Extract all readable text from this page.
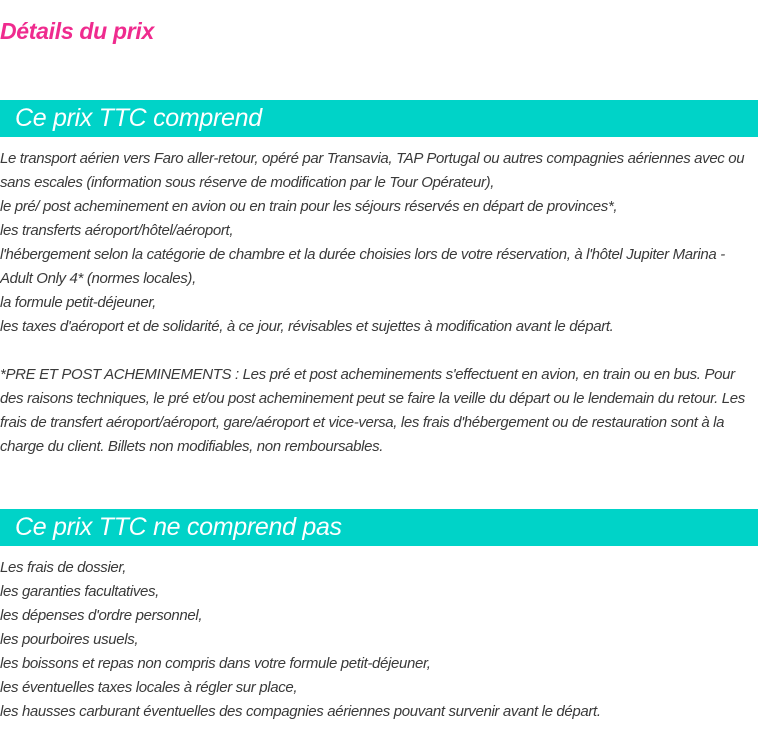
Détails du prix
Ce prix TTC comprend

Le transport aérien vers Faro aller-retour, opéré par Transavia, TAP Portugal ou autres compagnies aériennes avec ou sans escales (information sous réserve de modification par le Tour Opérateur),

le pré/ post acheminement en avion ou en train pour les séjours réservés en départ de provinces*,

les transferts aéroport/hôtel/aéroport,

l'hébergement selon la catégorie de chambre et la durée choisies lors de votre réservation, à l'hôtel Jupiter Marina - Adult Only 4* (normes locales),

la formule petit-déjeuner,

les taxes d'aéroport et de solidarité, à ce jour, révisables et sujettes à modification avant le départ.

*PRE ET POST ACHEMINEMENTS : Les pré et post acheminements s'effectuent en avion, en train ou en bus. Pour des raisons techniques, le pré et/ou post acheminement peut se faire la veille du départ ou le lendemain du retour. Les frais de transfert aéroport/aéroport, gare/aéroport et vice-versa, les frais d'hébergement ou de restauration sont à la charge du client. Billets non modifiables, non remboursables.

Ce prix TTC ne comprend pas

Les frais de dossier,

les garanties facultatives,

les dépenses d'ordre personnel,

les pourboires usuels,

les boissons et repas non compris dans votre formule petit-déjeuner,

les éventuelles taxes locales à régler sur place,

les hausses carburant éventuelles des compagnies aériennes pouvant survenir avant le départ.
